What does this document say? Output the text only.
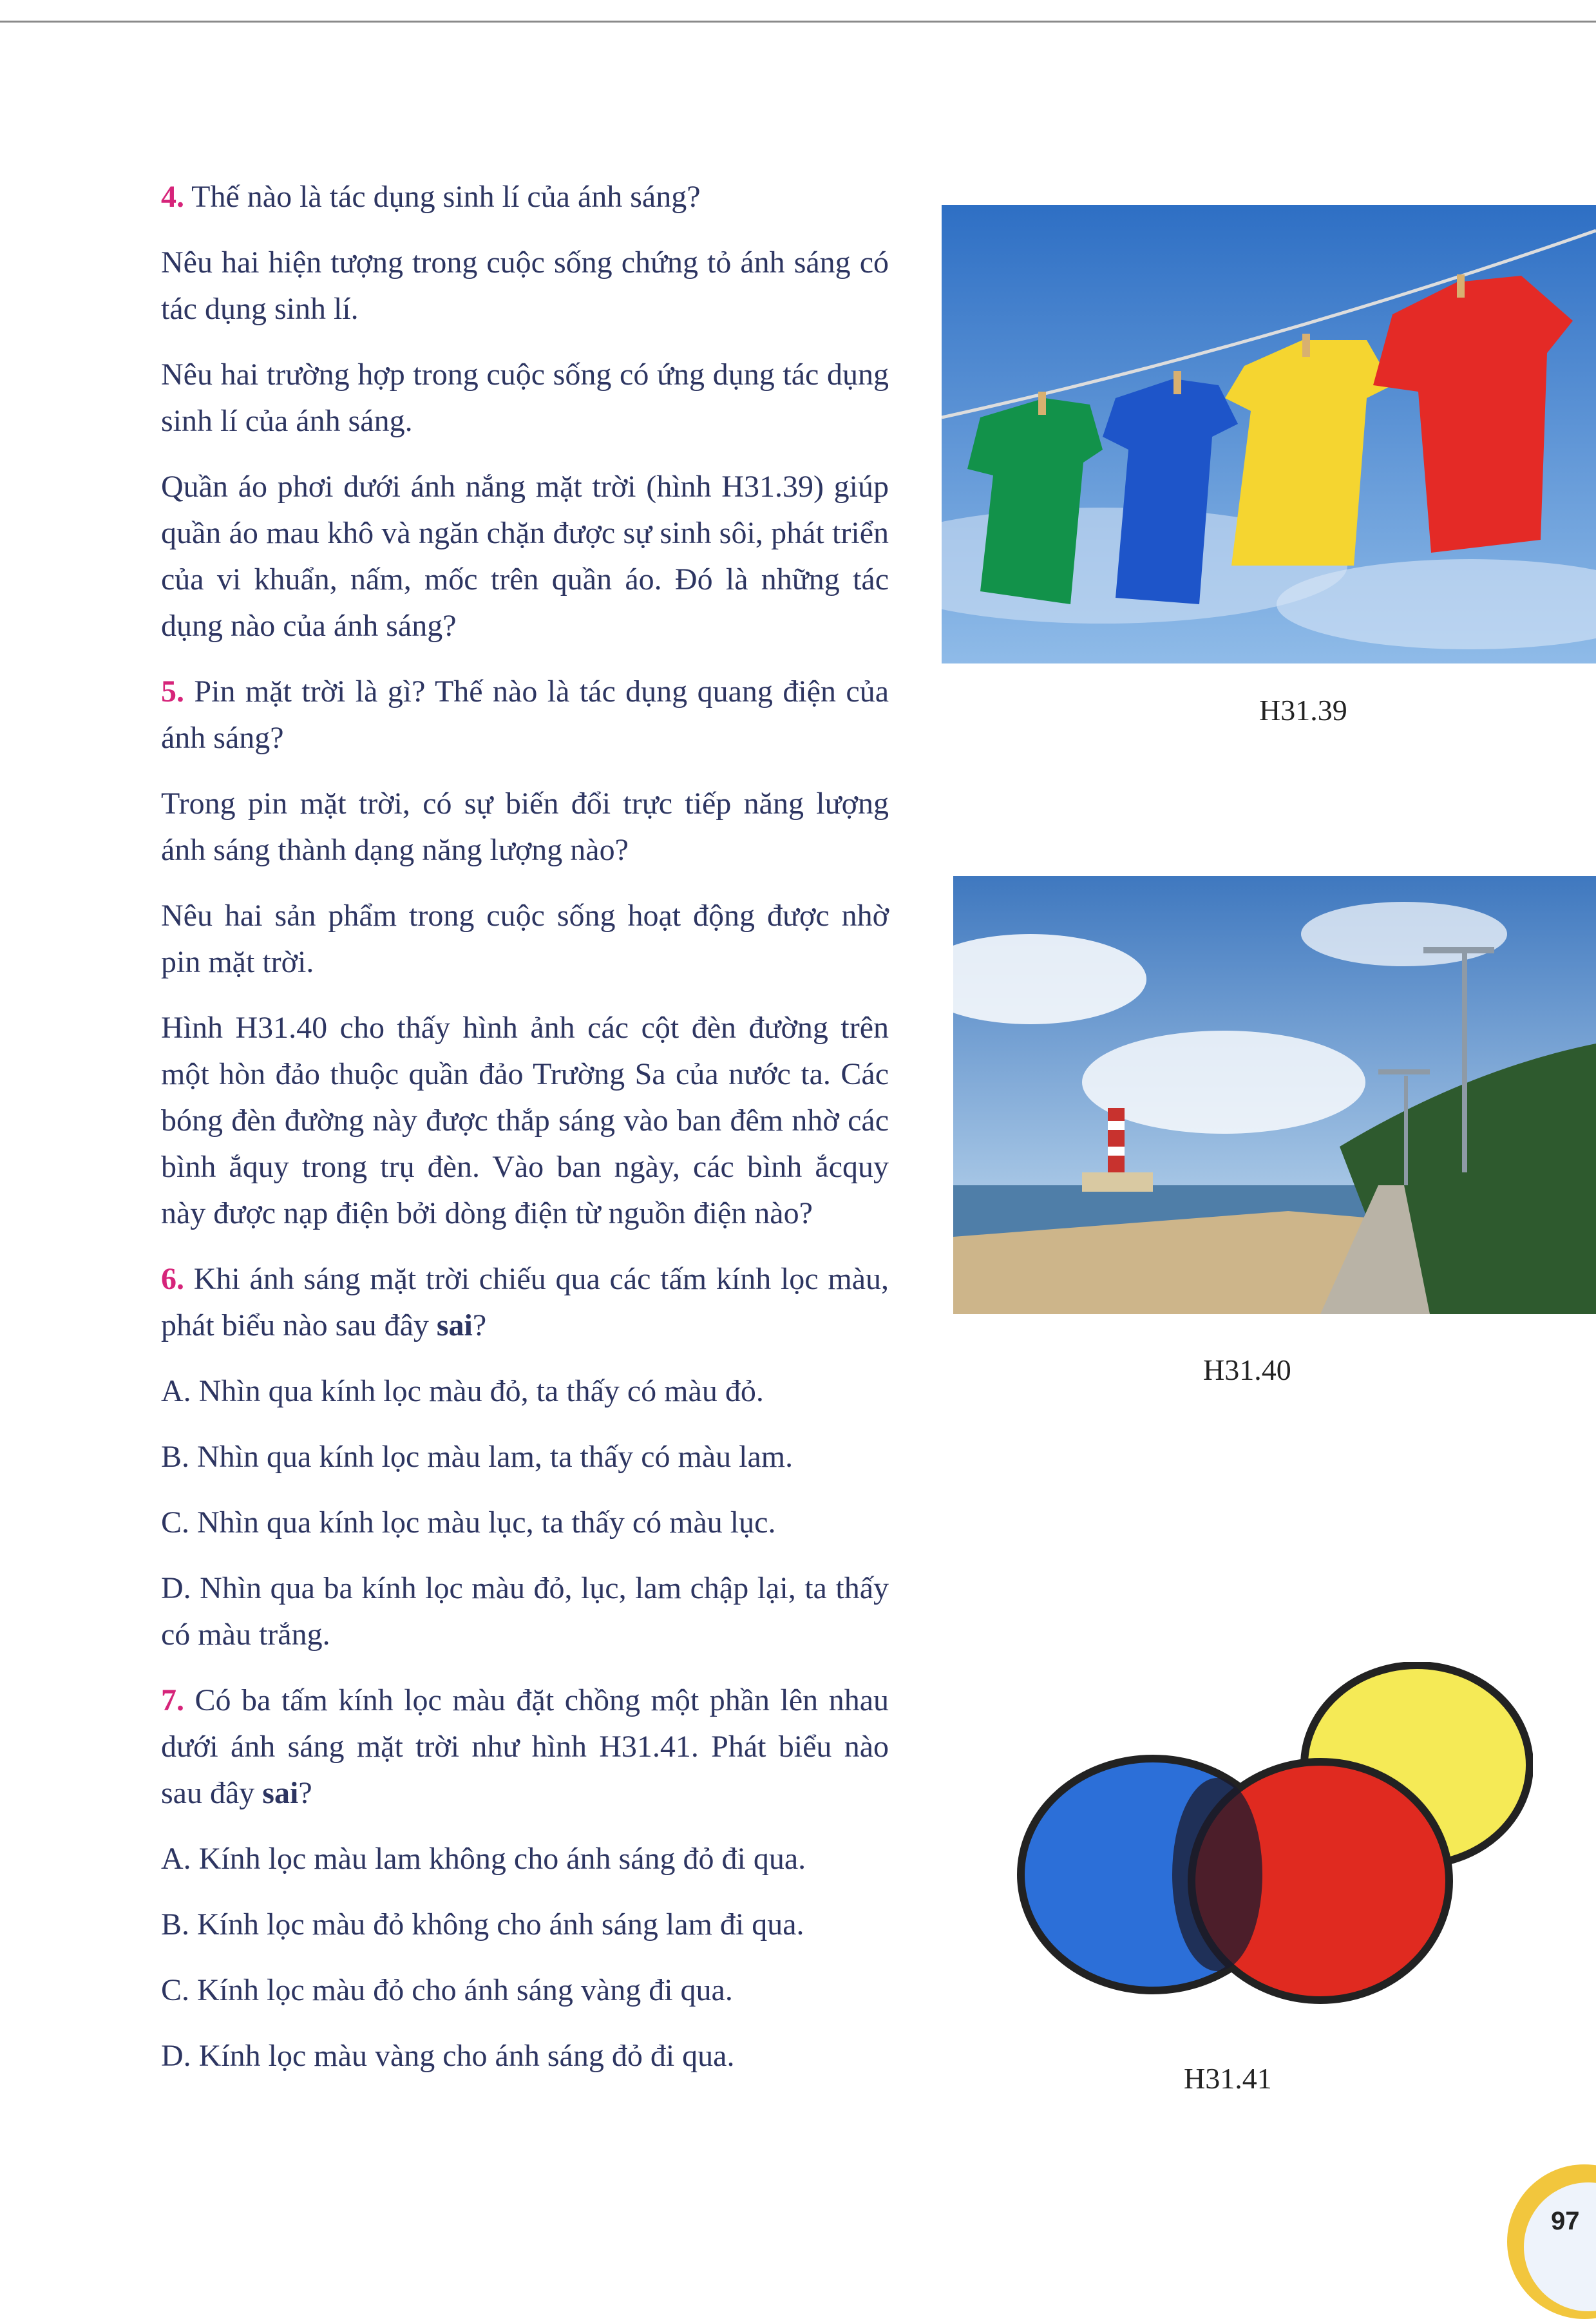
4. Thế nào là tác dụng sinh lí của ánh sáng?

Nêu hai hiện tượng trong cuộc sống chứng tỏ ánh sáng có tác dụng sinh lí.

Nêu hai trường hợp trong cuộc sống có ứng dụng tác dụng sinh lí của ánh sáng.

Quần áo phơi dưới ánh nắng mặt trời (hình H31.39) giúp quần áo mau khô và ngăn chặn được sự sinh sôi, phát triển của vi khuẩn, nấm, mốc trên quần áo. Đó là những tác dụng nào của ánh sáng?

5. Pin mặt trời là gì? Thế nào là tác dụng quang điện của ánh sáng?

Trong pin mặt trời, có sự biến đổi trực tiếp năng lượng ánh sáng thành dạng năng lượng nào?

Nêu hai sản phẩm trong cuộc sống hoạt động được nhờ pin mặt trời.

Hình H31.40 cho thấy hình ảnh các cột đèn đường trên một hòn đảo thuộc quần đảo Trường Sa của nước ta. Các bóng đèn đường này được thắp sáng vào ban đêm nhờ các bình ắquy trong trụ đèn. Vào ban ngày, các bình ắcquy này được nạp điện bởi dòng điện từ nguồn điện nào?

6. Khi ánh sáng mặt trời chiếu qua các tấm kính lọc màu, phát biểu nào sau đây sai?

A. Nhìn qua kính lọc màu đỏ, ta thấy có màu đỏ.

B. Nhìn qua kính lọc màu lam, ta thấy có màu lam.

C. Nhìn qua kính lọc màu lục, ta thấy có màu lục.

D. Nhìn qua ba kính lọc màu đỏ, lục, lam chập lại, ta thấy có màu trắng.

7. Có ba tấm kính lọc màu đặt chồng một phần lên nhau dưới ánh sáng mặt trời như hình H31.41. Phát biểu nào sau đây sai?

A. Kính lọc màu lam không cho ánh sáng đỏ đi qua.

B. Kính lọc màu đỏ không cho ánh sáng lam đi qua.

C. Kính lọc màu đỏ cho ánh sáng vàng đi qua.

D. Kính lọc màu vàng cho ánh sáng đỏ đi qua.

H31.39
H31.40
H31.41
97
